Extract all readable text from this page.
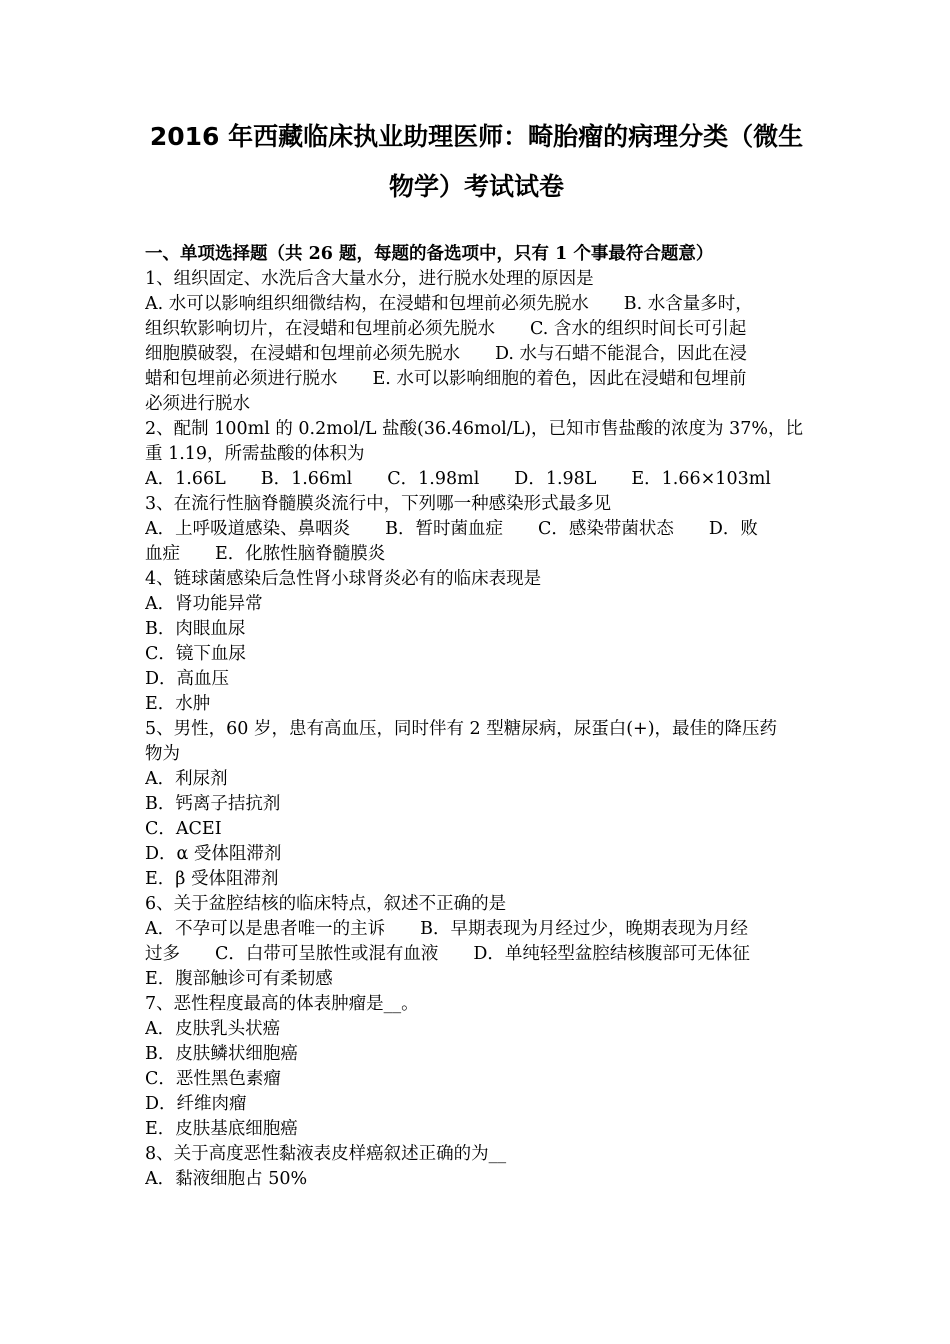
2016 年西藏临床执业助理医师：畸胎瘤的病理分类（微生
物学）考试试卷

一、单项选择题（共 26 题，每题的备选项中，只有 1 个事最符合题意）

1、组织固定、水洗后含大量水分，进行脱水处理的原因是

A. 水可以影响组织细微结构，在浸蜡和包埋前必须先脱水　　B. 水含量多时，

组织软影响切片，在浸蜡和包埋前必须先脱水　　C. 含水的组织时间长可引起

细胞膜破裂，在浸蜡和包埋前必须先脱水　　D. 水与石蜡不能混合，因此在浸

蜡和包埋前必须进行脱水　　E. 水可以影响细胞的着色，因此在浸蜡和包埋前

必须进行脱水

2、配制 100ml 的 0.2mol/L 盐酸(36.46mol/L)，已知市售盐酸的浓度为 37%，比

重 1.19，所需盐酸的体积为

A．1.66L　　B．1.66ml　　C．1.98ml　　D．1.98L　　E．1.66×103ml

3、在流行性脑脊髓膜炎流行中，下列哪一种感染形式最多见

A．上呼吸道感染、鼻咽炎　　B．暂时菌血症　　C．感染带菌状态　　D．败

血症　　E．化脓性脑脊髓膜炎

4、链球菌感染后急性肾小球肾炎必有的临床表现是

A．肾功能异常

B．肉眼血尿

C．镜下血尿

D．高血压

E．水肿

5、男性，60 岁，患有高血压，同时伴有 2 型糖尿病，尿蛋白(+)，最佳的降压药

物为

A．利尿剂

B．钙离子拮抗剂

C．ACEI

D．α 受体阻滞剂

E．β 受体阻滞剂

6、关于盆腔结核的临床特点，叙述不正确的是

A．不孕可以是患者唯一的主诉　　B．早期表现为月经过少，晚期表现为月经

过多　　C．白带可呈脓性或混有血液　　D．单纯轻型盆腔结核腹部可无体征

E．腹部触诊可有柔韧感

7、恶性程度最高的体表肿瘤是__。

A．皮肤乳头状癌

B．皮肤鳞状细胞癌

C．恶性黑色素瘤

D．纤维肉瘤

E．皮肤基底细胞癌

8、关于高度恶性黏液表皮样癌叙述正确的为__

A．黏液细胞占 50%
